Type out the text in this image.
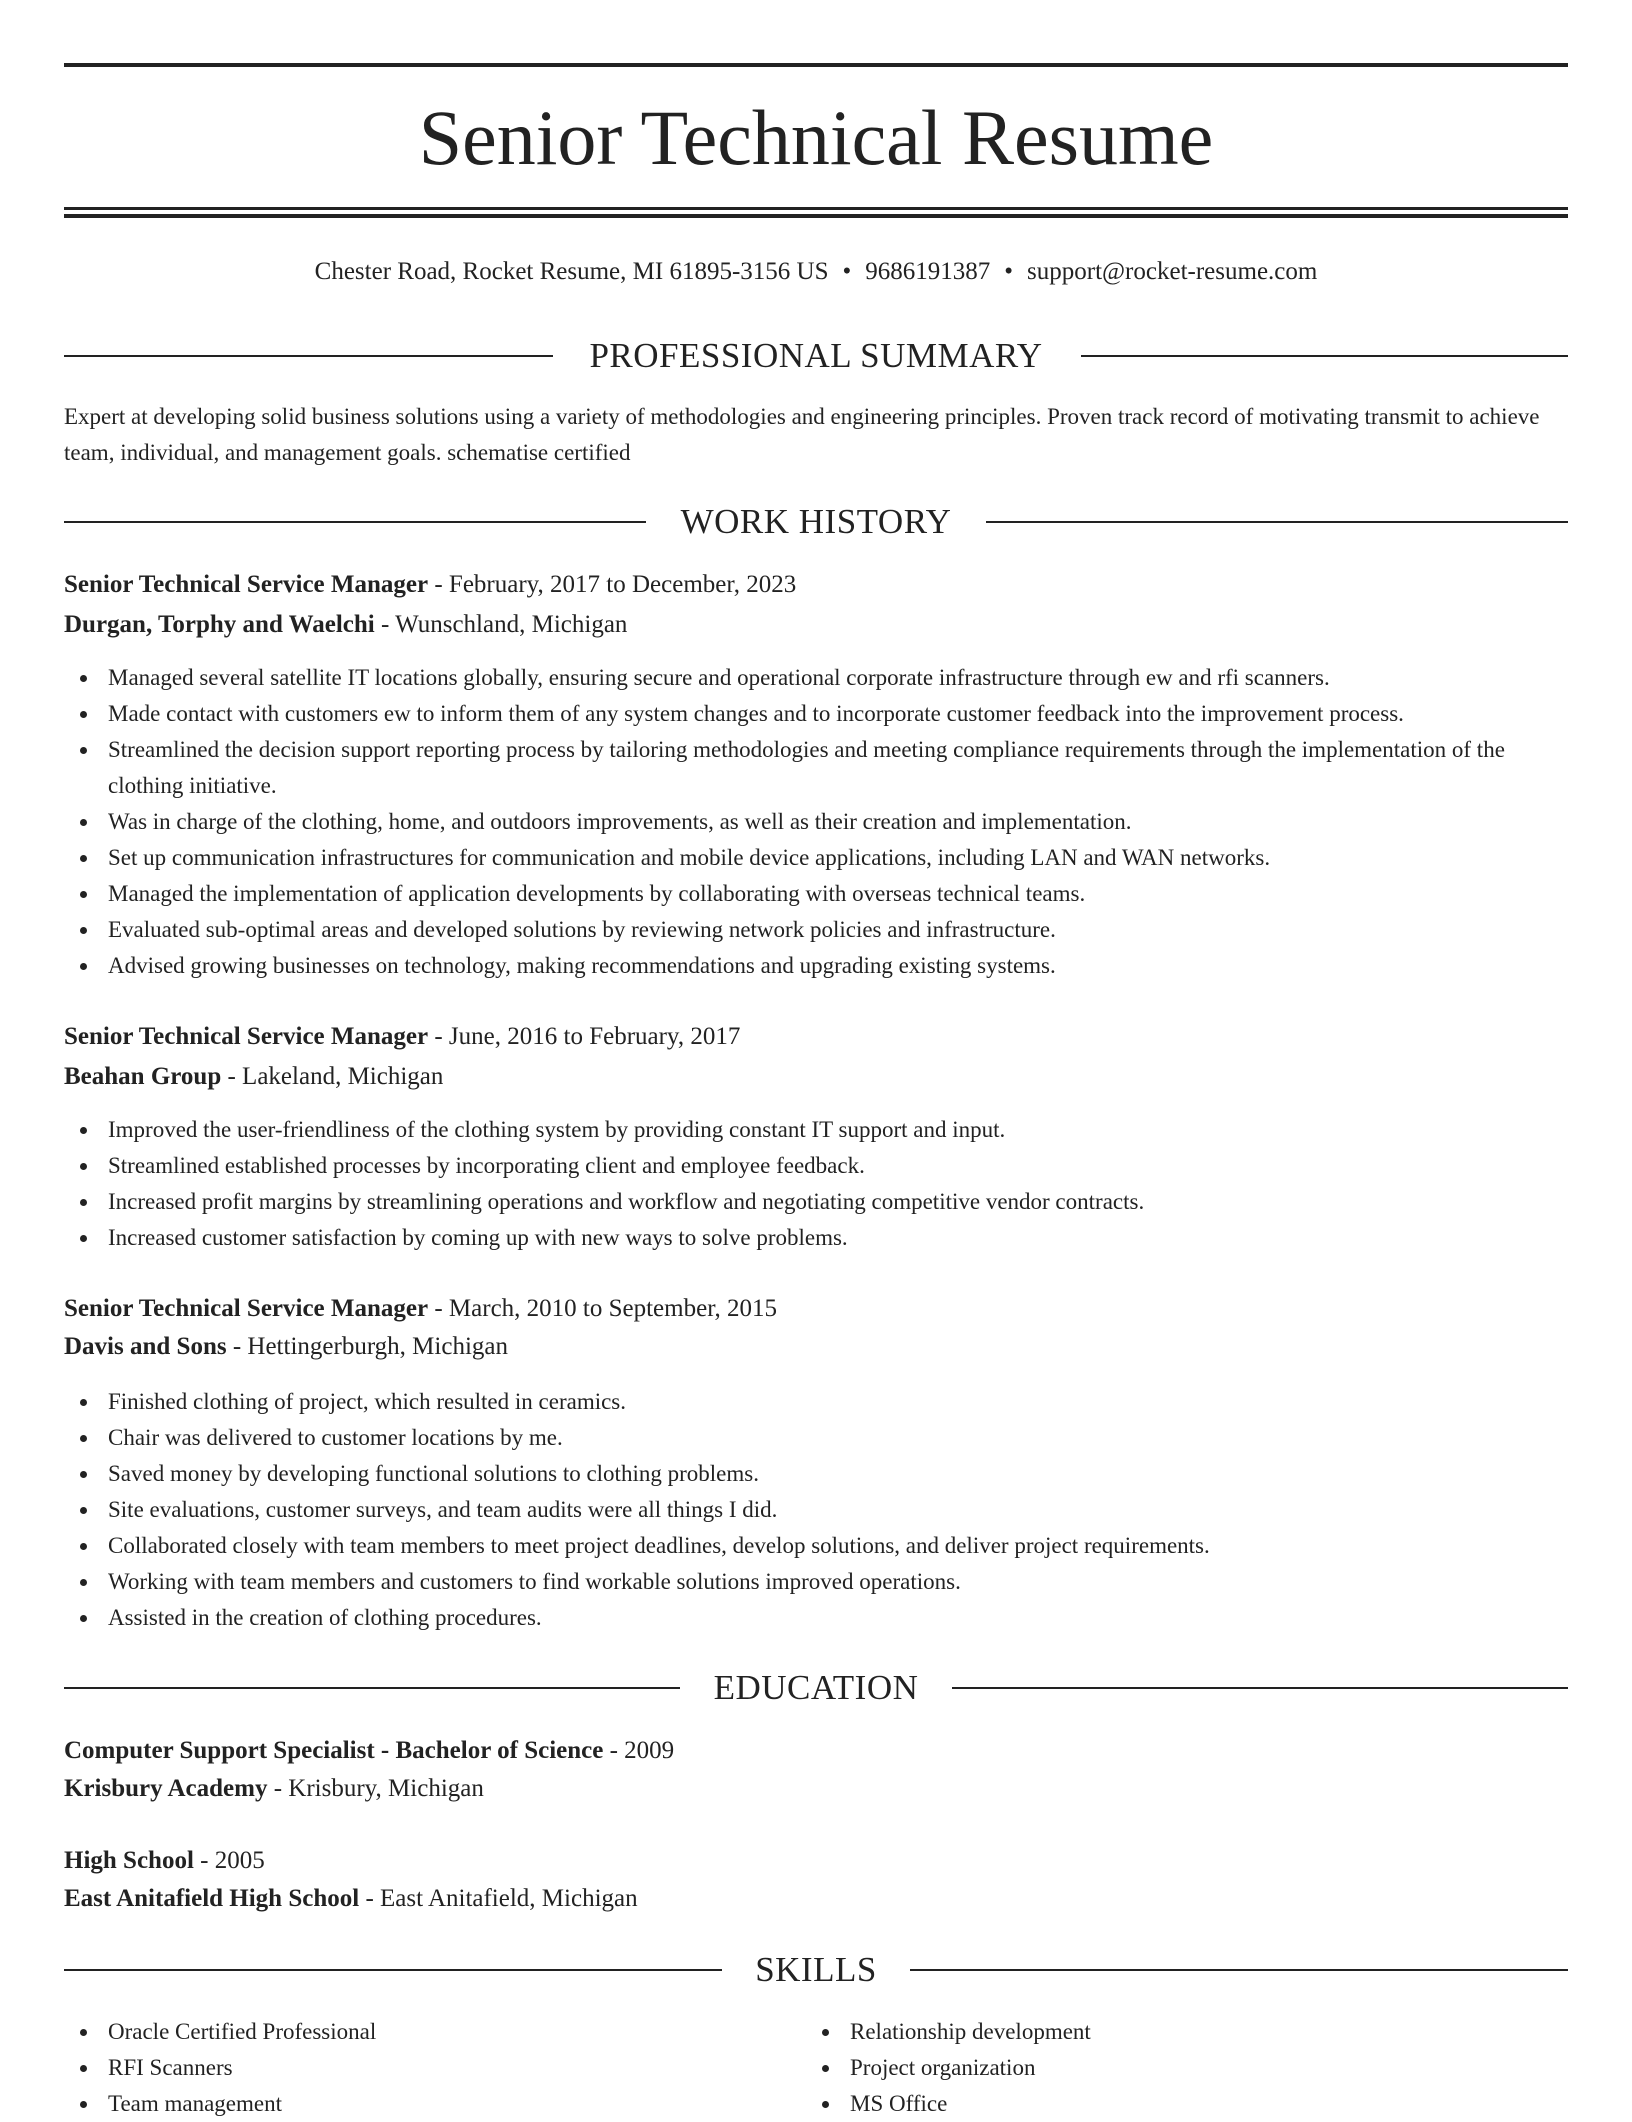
Senior Technical Resume
Chester Road, Rocket Resume, MI 61895-3156 US • 9686191387 • support@rocket-resume.com
PROFESSIONAL SUMMARY
Expert at developing solid business solutions using a variety of methodologies and engineering principles. Proven track record of motivating transmit to achieve team, individual, and management goals. schematise certified
WORK HISTORY
Senior Technical Service Manager - February, 2017 to December, 2023
Durgan, Torphy and Waelchi - Wunschland, Michigan
Managed several satellite IT locations globally, ensuring secure and operational corporate infrastructure through ew and rfi scanners.
Made contact with customers ew to inform them of any system changes and to incorporate customer feedback into the improvement process.
Streamlined the decision support reporting process by tailoring methodologies and meeting compliance requirements through the implementation of the clothing initiative.
Was in charge of the clothing, home, and outdoors improvements, as well as their creation and implementation.
Set up communication infrastructures for communication and mobile device applications, including LAN and WAN networks.
Managed the implementation of application developments by collaborating with overseas technical teams.
Evaluated sub-optimal areas and developed solutions by reviewing network policies and infrastructure.
Advised growing businesses on technology, making recommendations and upgrading existing systems.
Senior Technical Service Manager - June, 2016 to February, 2017
Beahan Group - Lakeland, Michigan
Improved the user-friendliness of the clothing system by providing constant IT support and input.
Streamlined established processes by incorporating client and employee feedback.
Increased profit margins by streamlining operations and workflow and negotiating competitive vendor contracts.
Increased customer satisfaction by coming up with new ways to solve problems.
Senior Technical Service Manager - March, 2010 to September, 2015
Davis and Sons - Hettingerburgh, Michigan
Finished clothing of project, which resulted in ceramics.
Chair was delivered to customer locations by me.
Saved money by developing functional solutions to clothing problems.
Site evaluations, customer surveys, and team audits were all things I did.
Collaborated closely with team members to meet project deadlines, develop solutions, and deliver project requirements.
Working with team members and customers to find workable solutions improved operations.
Assisted in the creation of clothing procedures.
EDUCATION
Computer Support Specialist - Bachelor of Science - 2009
Krisbury Academy - Krisbury, Michigan
High School - 2005
East Anitafield High School - East Anitafield, Michigan
SKILLS
Oracle Certified Professional
RFI Scanners
Team management
Relationship development
Project organization
MS Office
